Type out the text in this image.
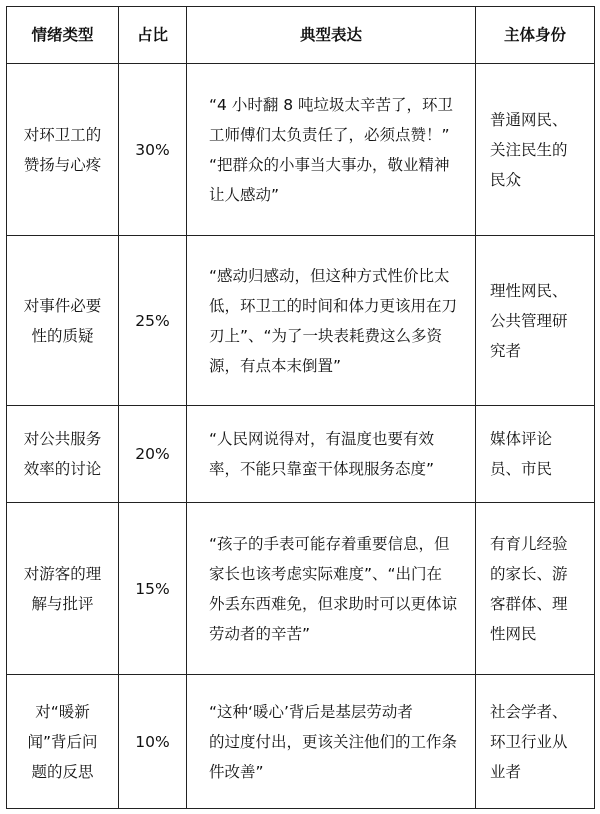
情绪类型	占比	典型表达	主体身份

对环卫工的
赞扬与心疼	30%	“4 小时翻 8 吨垃圾太辛苦了，环卫
工师傅们太负责任了，必须点赞！”
“把群众的小事当大事办，敬业精神
让人感动”	普通网民、
关注民生的
民众

对事件必要
性的质疑	25%	“感动归感动，但这种方式性价比太
低，环卫工的时间和体力更该用在刀
刃上”、“为了一块表耗费这么多资
源，有点本末倒置”	理性网民、
公共管理研
究者

对公共服务
效率的讨论	20%	“人民网说得对，有温度也要有效
率，不能只靠蛮干体现服务态度”	媒体评论
员、市民

对游客的理
解与批评	15%	“孩子的手表可能存着重要信息，但
家长也该考虑实际难度”、“出门在
外丢东西难免，但求助时可以更体谅
劳动者的辛苦”	有育儿经验
的家长、游
客群体、理
性网民

对“暖新
闻”背后问
题的反思	10%	“这种‘暖心’背后是基层劳动者
的过度付出，更该关注他们的工作条
件改善”	社会学者、
环卫行业从
业者
